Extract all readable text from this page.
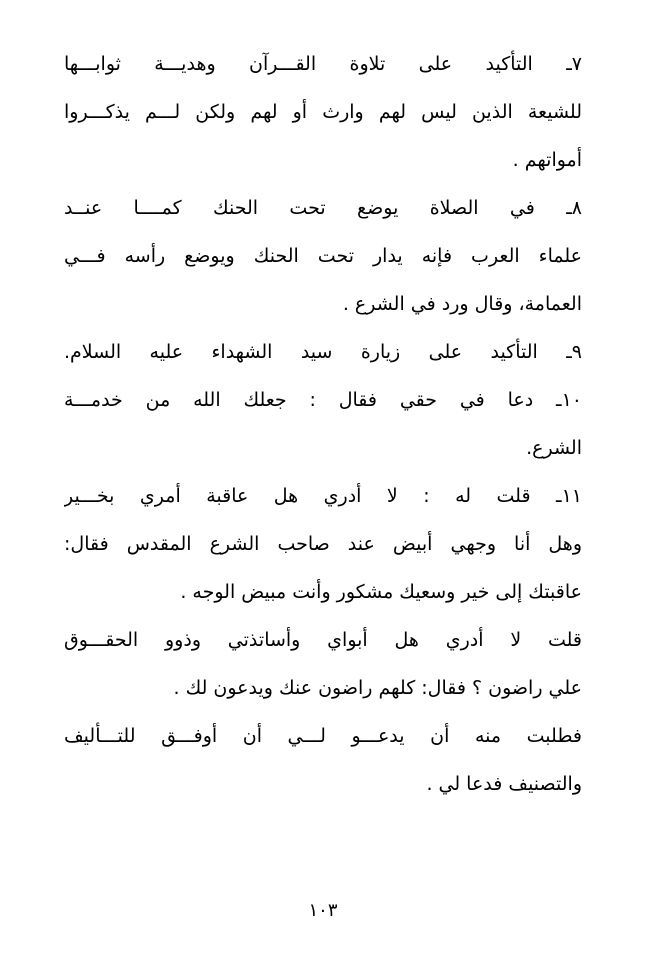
٧ـ التأكيد على تلاوة القـــرآن وهديـــة ثوابـــها
للشيعة الذين ليس لهم وارث أو لهم ولكن لـــم يذكـــروا
أمواتهم .
٨ـ في الصلاة يوضع تحت الحنك كمــــا عنــد
علماء العرب فإنه يدار تحت الحنك ويوضع رأسه فـــي
العمامة، وقال ورد في الشرع .
٩ـ التأكيد على زيارة سيد الشهداء عليه السلام.
١٠ـ دعا في حقي فقال : جعلك الله من خدمـــة
الشرع.
١١ـ قلت له : لا أدري هل عاقبة أمري بخـــير
وهل أنا وجهي أبيض عند صاحب الشرع المقدس فقال:
عاقبتك إلى خير وسعيك مشكور وأنت مبيض الوجه .
قلت لا أدري هل أبواي وأساتذتي وذوو الحقـــوق
علي راضون ؟ فقال: كلهم راضون عنك ويدعون لك .
فطلبت منه أن يدعـــو لـــي أن أوفـــق للتـــأليف
والتصنيف فدعا لي .
١٠٣
